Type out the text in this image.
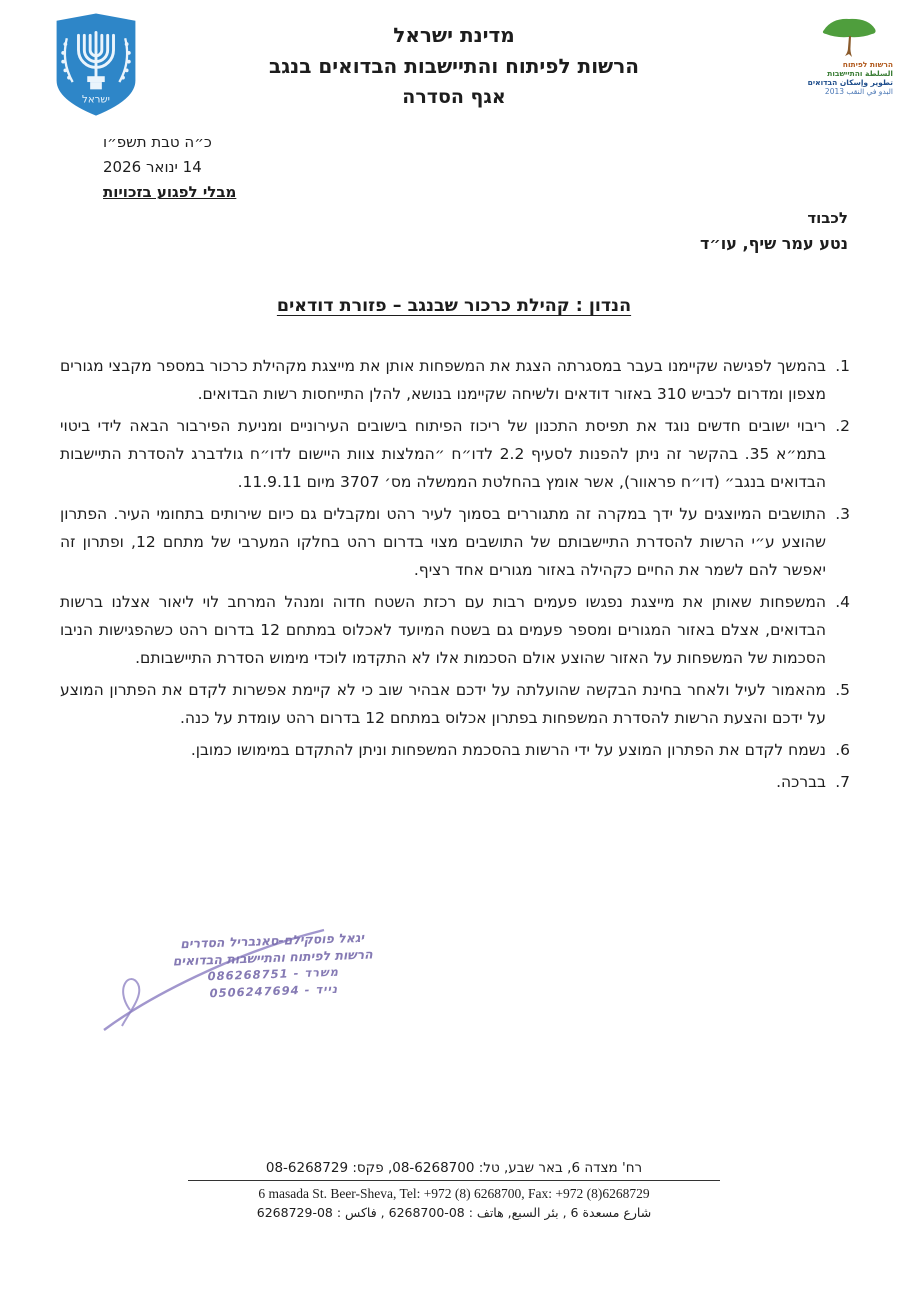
ישראל
מדינת ישראל
הרשות לפיתוח והתיישבות הבדואים בנגב
אגף הסדרה
הרשות לפיתוח
السلطة והתיישבות
تطوير وإسكان הבדואים
البدو في النقب 2013
כ״ה טבת תשפ״ו
14 ינואר 2026
מבלי לפגוע בזכויות
לכבוד
נטע עמר שיף, עו״ד
הנדון : קהילת כרכור שבנגב – פזורת דודאים
1.
בהמשך לפגישה שקיימנו בעבר במסגרתה הצגת את המשפחות אותן את מייצגת מקהילת כרכור במספר מקבצי מגורים מצפון ומדרום לכביש 310 באזור דודאים ולשיחה שקיימנו בנושא, להלן התייחסות רשות הבדואים.
2.
ריבוי ישובים חדשים נוגד את תפיסת התכנון של ריכוז הפיתוח בישובים העירוניים ומניעת הפירבור הבאה לידי ביטוי בתמ״א 35. בהקשר זה ניתן להפנות לסעיף 2.2 לדו״ח ״המלצות צוות היישום לדו״ח גולדברג להסדרת התיישבות הבדואים בנגב״ (דו״ח פראוור), אשר אומץ בהחלטת הממשלה מס׳ 3707 מיום 11.9.11.
3.
התושבים המיוצגים על ידך במקרה זה מתגוררים בסמוך לעיר רהט ומקבלים גם כיום שירותים בתחומי העיר. הפתרון שהוצע ע״י הרשות להסדרת התיישבותם של התושבים מצוי בדרום רהט בחלקו המערבי של מתחם 12, ופתרון זה יאפשר להם לשמר את החיים כקהילה באזור מגורים אחד רציף.
4.
המשפחות שאותן את מייצגת נפגשו פעמים רבות עם רכזת השטח חדוה ומנהל המרחב לוי ליאור אצלנו ברשות הבדואים, אצלם באזור המגורים ומספר פעמים גם בשטח המיועד לאכלוס במתחם 12 בדרום רהט כשהפגישות הניבו הסכמות של המשפחות על האזור שהוצע אולם הסכמות אלו לא התקדמו לוכדי מימוש הסדרת התיישבותם.
5.
מהאמור לעיל ולאחר בחינת הבקשה שהועלתה על ידכם אבהיר שוב כי לא קיימת אפשרות לקדם את הפתרון המוצע על ידכם והצעת הרשות להסדרת המשפחות בפתרון אכלוס במתחם 12 בדרום רהט עומדת על כנה.
6.
נשמח לקדם את הפתרון המוצע על ידי הרשות בהסכמת המשפחות וניתן להתקדם במימושו כמובן.
7.
בברכה.
יגאל פוסקילם-סאנבריל הסדרים
הרשות לפיתוח והתיישבות הבדואים
משרד - 086268751
נייד - 0506247694
רח' מצדה 6, באר שבע, טל: 08-6268700, פקס: 08-6268729
6 masada St. Beer-Sheva, Tel: +972 (8) 6268700, Fax: +972 (8)6268729
شارع مسعدة 6 , بئر السبع, هاتف : 08-6268700 , فاكس : 08-6268729
